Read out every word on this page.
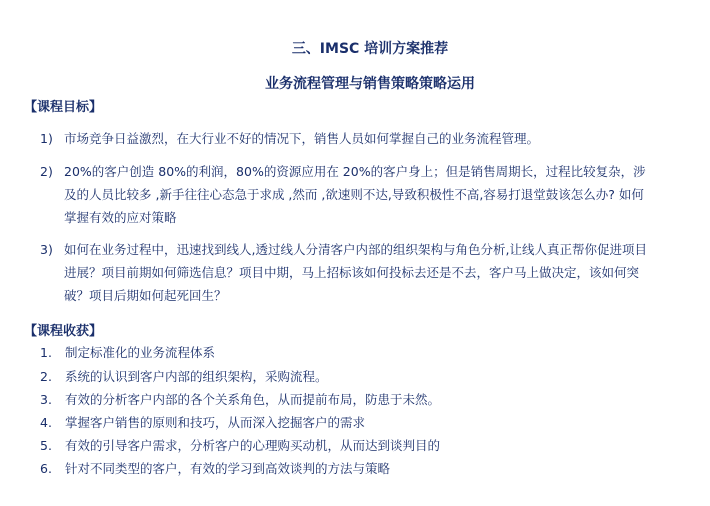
三、IMSC 培训方案推荐
业务流程管理与销售策略策略运用
【课程目标】
1) 市场竞争日益激烈，在大行业不好的情况下，销售人员如何掌握自己的业务流程管理。
2) 20%的客户创造 80%的利润，80%的资源应用在 20%的客户身上；但是销售周期长，过程比较复杂，涉及的人员比较多 ,新手往往心态急于求成 ,然而 ,欲速则不达,导致积极性不高,容易打退堂鼓该怎么办? 如何掌握有效的应对策略
3) 如何在业务过程中，迅速找到线人,透过线人分清客户内部的组织架构与角色分析,让线人真正帮你促进项目进展？项目前期如何筛选信息？项目中期，马上招标该如何投标去还是不去，客户马上做决定，该如何突破？项目后期如何起死回生？
【课程收获】
1. 制定标准化的业务流程体系
2. 系统的认识到客户内部的组织架构，采购流程。
3. 有效的分析客户内部的各个关系角色，从而提前布局，防患于未然。
4. 掌握客户销售的原则和技巧，从而深入挖掘客户的需求
5. 有效的引导客户需求，分析客户的心理购买动机，从而达到谈判目的
6. 针对不同类型的客户，有效的学习到高效谈判的方法与策略
